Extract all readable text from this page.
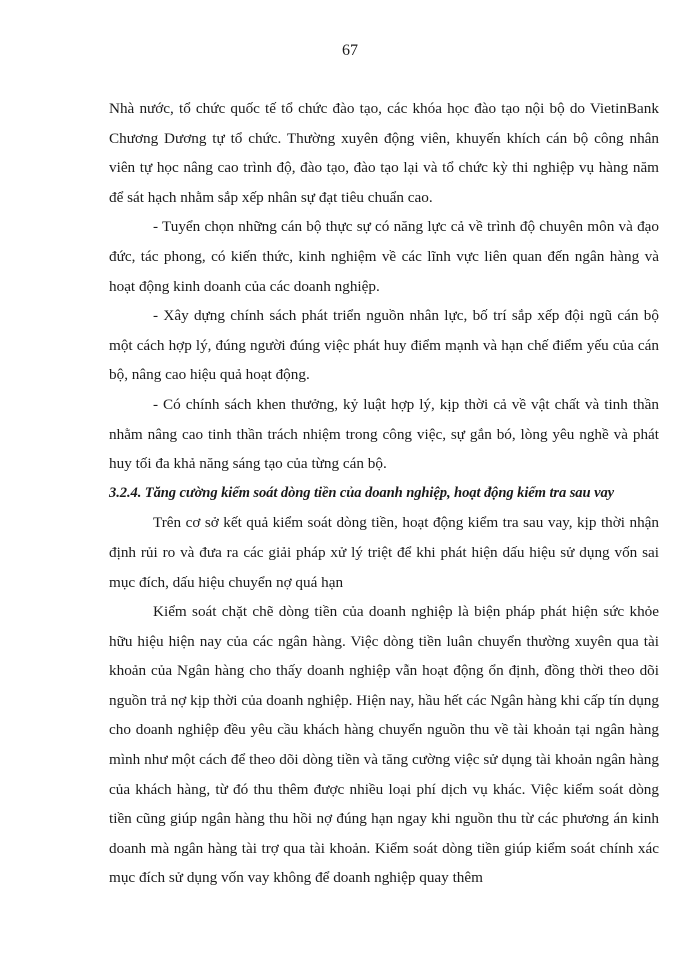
67

Nhà nước, tổ chức quốc tế tổ chức đào tạo, các khóa học đào tạo nội bộ do VietinBank Chương Dương tự tổ chức. Thường xuyên động viên, khuyến khích cán bộ công nhân viên tự học nâng cao trình độ, đào tạo, đào tạo lại và tổ chức kỳ thi nghiệp vụ hàng năm để sát hạch nhằm sắp xếp nhân sự đạt tiêu chuẩn cao.

- Tuyển chọn những cán bộ thực sự có năng lực cả về trình độ chuyên môn và đạo đức, tác phong, có kiến thức, kinh nghiệm về các lĩnh vực liên quan đến ngân hàng và hoạt động kinh doanh của các doanh nghiệp.

- Xây dựng chính sách phát triển nguồn nhân lực, bố trí sắp xếp đội ngũ cán bộ một cách hợp lý, đúng người đúng việc phát huy điểm mạnh và hạn chế điểm yếu của cán bộ, nâng cao hiệu quả hoạt động.

- Có chính sách khen thưởng, kỷ luật hợp lý, kịp thời cả về vật chất và tinh thần nhằm nâng cao tinh thần trách nhiệm trong công việc, sự gắn bó, lòng yêu nghề và phát huy tối đa khả năng sáng tạo của từng cán bộ.

3.2.4. Tăng cường kiểm soát dòng tiền của doanh nghiệp, hoạt động kiểm tra sau vay

Trên cơ sở kết quả kiểm soát dòng tiền, hoạt động kiểm tra sau vay, kịp thời nhận định rủi ro và đưa ra các giải pháp xử lý triệt để khi phát hiện dấu hiệu sử dụng vốn sai mục đích, dấu hiệu chuyển nợ quá hạn

Kiểm soát chặt chẽ dòng tiền của doanh nghiệp là biện pháp phát hiện sức khỏe hữu hiệu hiện nay của các ngân hàng. Việc dòng tiền luân chuyển thường xuyên qua tài khoản của Ngân hàng cho thấy doanh nghiệp vẫn hoạt động ổn định, đồng thời theo dõi nguồn trả nợ kịp thời của doanh nghiệp. Hiện nay, hầu hết các Ngân hàng khi cấp tín dụng cho doanh nghiệp đều yêu cầu khách hàng chuyển nguồn thu về tài khoản tại ngân hàng mình như một cách để theo dõi dòng tiền và tăng cường việc sử dụng tài khoản ngân hàng của khách hàng, từ đó thu thêm được nhiều loại phí dịch vụ khác. Việc kiểm soát dòng tiền cũng giúp ngân hàng thu hồi nợ đúng hạn ngay khi nguồn thu từ các phương án kinh doanh mà ngân hàng tài trợ qua tài khoản. Kiểm soát dòng tiền giúp kiểm soát chính xác mục đích sử dụng vốn vay không để doanh nghiệp quay thêm
